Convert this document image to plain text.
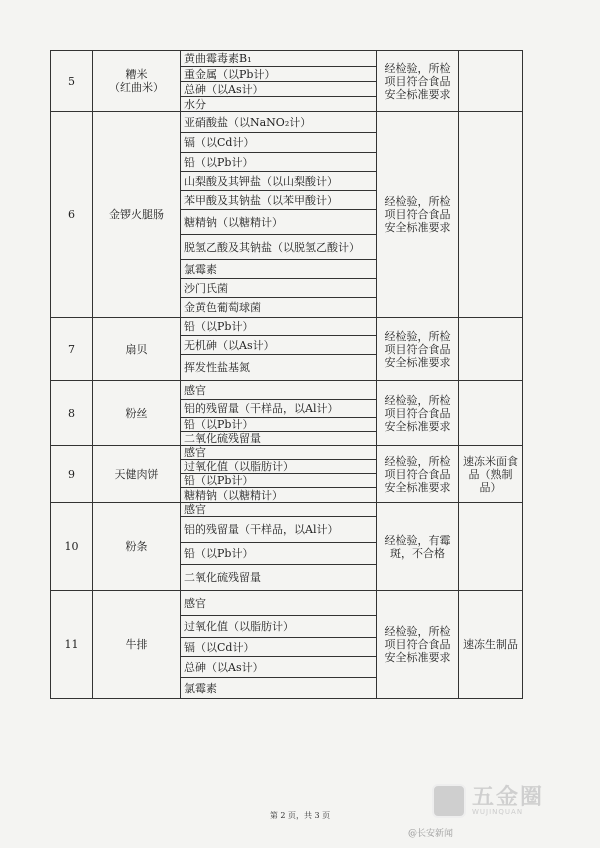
5	糟米
（红曲米）	黄曲霉毒素B₁	经检验，所检项目符合食品安全标准要求	
		重金属（以Pb计）		
		总砷（以As计）		
		水分		
6	金锣火腿肠	亚硝酸盐（以NaNO₂计）	经检验，所检项目符合食品安全标准要求	
		镉（以Cd计）		
		铅（以Pb计）		
		山梨酸及其钾盐（以山梨酸计）		
		苯甲酸及其钠盐（以苯甲酸计）		
		糖精钠（以糖精计）		
		脱氢乙酸及其钠盐（以脱氢乙酸计）		
		氯霉素		
		沙门氏菌		
		金黄色葡萄球菌		
7	扇贝	铅（以Pb计）	经检验，所检项目符合食品安全标准要求	
		无机砷（以As计）		
		挥发性盐基氮		
8	粉丝	感官	经检验，所检项目符合食品安全标准要求	
		铝的残留量（干样品，以Al计）		
		铅（以Pb计）		
		二氧化硫残留量		
9	天健肉饼	感官	经检验，所检项目符合食品安全标准要求	速冻米面食品（熟制品）
		过氧化值（以脂肪计）		
		铅（以Pb计）		
		糖精钠（以糖精计）		
10	粉条	感官	经检验，有霉斑，不合格	
		铝的残留量（干样品，以Al计）		
		铅（以Pb计）		
		二氧化硫残留量		
11	牛排	感官	经检验，所检项目符合食品安全标准要求	速冻生制品
		过氧化值（以脂肪计）		
		镉（以Cd计）		
		总砷（以As计）		
		氯霉素		
第 2 页，共 3 页
五金圈
WUJINQUAN
@长安新闻
